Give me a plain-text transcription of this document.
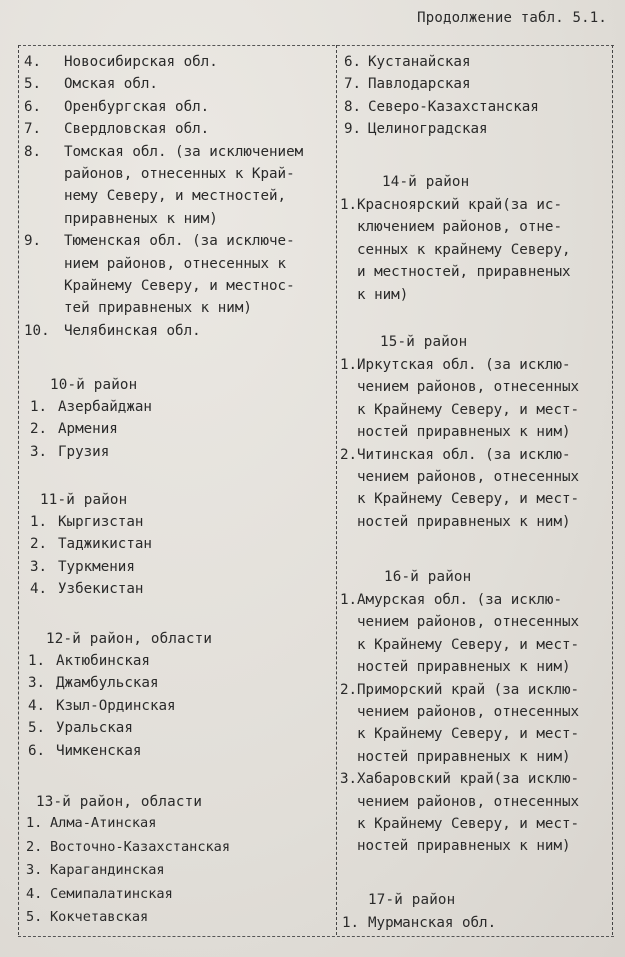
Продолжение табл. 5.1.
4. Новосибирская обл.
5. Омская обл.
6. Оренбургская обл.
7. Свердловская обл.
8. Томская обл. (за исключением
районов, отнесенных к Край-
нему Северу, и местностей,
приравненых к ним)
9. Тюменская обл. (за исключе-
нием районов, отнесенных к
Крайнему Северу, и местнос-
тей приравненых к ним)
10. Челябинская обл.
10-й район
1. Азербайджан
2. Армения
3. Грузия
11-й район
1. Кыргизстан
2. Таджикистан
3. Туркмения
4. Узбекистан
12-й район, области
1. Актюбинская
3. Джамбульская
4. Кзыл-Ординская
5. Уральская
6. Чимкенская
13-й район, области
1. Алма-Атинская
2. Восточно-Казахстанская
3. Карагандинская
4. Семипалатинская
5. Кокчетавская
6. Кустанайская
7. Павлодарская
8. Северо-Казахстанская
9. Целиноградская
14-й район
1. Красноярский край(за ис-
ключением районов, отне-
сенных к крайнему Северу,
и местностей, приравненых
к ним)
15-й район
1. Иркутская обл. (за исклю-
чением районов, отнесенных
к Крайнему Северу, и мест-
ностей приравненых к ним)
2. Читинская обл. (за исклю-
чением районов, отнесенных
к Крайнему Северу, и мест-
ностей приравненых к ним)
16-й район
1. Амурская обл. (за исклю-
чением районов, отнесенных
к Крайнему Северу, и мест-
ностей приравненых к ним)
2. Приморский край (за исклю-
чением районов, отнесенных
к Крайнему Северу, и мест-
ностей приравненых к ним)
3. Хабаровский край(за исклю-
чением районов, отнесенных
к Крайнему Северу, и мест-
ностей приравненых к ним)
17-й район
1. Мурманская обл.
